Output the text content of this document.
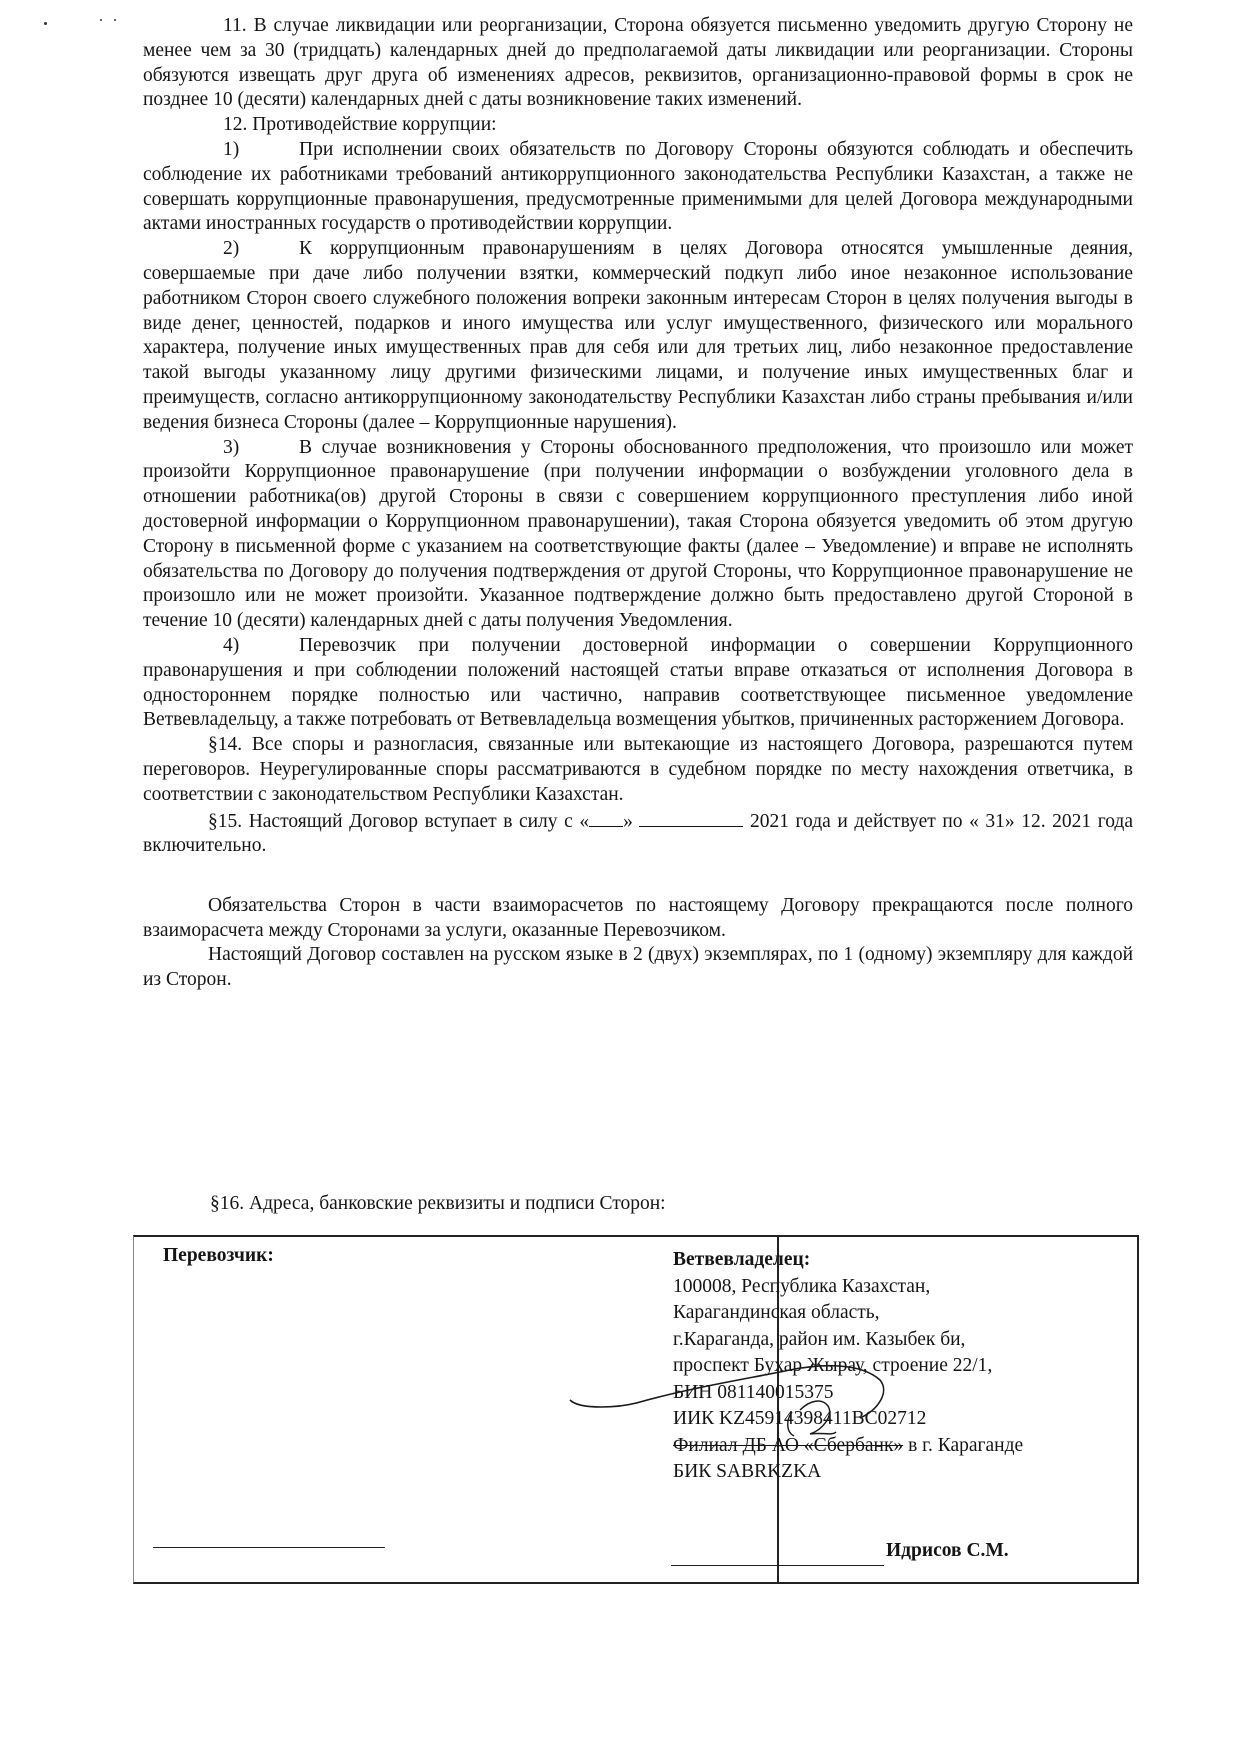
11. В случае ликвидации или реорганизации, Сторона обязуется письменно уведомить другую Сторону не менее чем за 30 (тридцать) календарных дней до предполагаемой даты ликвидации или реорганизации. Стороны обязуются извещать друг друга об изменениях адресов, реквизитов, организационно-правовой формы в срок не позднее 10 (десяти) календарных дней с даты возникновение таких изменений.

12. Противодействие коррупции:

1)	При исполнении своих обязательств по Договору Стороны обязуются соблюдать и обеспечить соблюдение их работниками требований антикоррупционного законодательства Республики Казахстан, а также не совершать коррупционные правонарушения, предусмотренные применимыми для целей Договора международными актами иностранных государств о противодействии коррупции.

2)	К коррупционным правонарушениям в целях Договора относятся умышленные деяния, совершаемые при даче либо получении взятки, коммерческий подкуп либо иное незаконное использование работником Сторон своего служебного положения вопреки законным интересам Сторон в целях получения выгоды в виде денег, ценностей, подарков и иного имущества или услуг имущественного, физического или морального характера, получение иных имущественных прав для себя или для третьих лиц, либо незаконное предоставление такой выгоды указанному лицу другими физическими лицами, и получение иных имущественных благ и преимуществ, согласно антикоррупционному законодательству Республики Казахстан либо страны пребывания и/или ведения бизнеса Стороны (далее – Коррупционные нарушения).

3)	В случае возникновения у Стороны обоснованного предположения, что произошло или может произойти Коррупционное правонарушение (при получении информации о возбуждении уголовного дела в отношении работника(ов) другой Стороны в связи с совершением коррупционного преступления либо иной достоверной информации о Коррупционном правонарушении), такая Сторона обязуется уведомить об этом другую Сторону в письменной форме с указанием на соответствующие факты (далее – Уведомление) и вправе не исполнять обязательства по Договору до получения подтверждения от другой Стороны, что Коррупционное правонарушение не произошло или не может произойти. Указанное подтверждение должно быть предоставлено другой Стороной в течение 10 (десяти) календарных дней с даты получения Уведомления.

4)	Перевозчик при получении достоверной информации о совершении Коррупционного правонарушения и при соблюдении положений настоящей статьи вправе отказаться от исполнения Договора в одностороннем порядке полностью или частично, направив соответствующее письменное уведомление Ветвевладельцу, а также потребовать от Ветвевладельца возмещения убытков, причиненных расторжением Договора.

§14. Все споры и разногласия, связанные или вытекающие из настоящего Договора, разрешаются путем переговоров. Неурегулированные споры рассматриваются в судебном порядке по месту нахождения ответчика, в соответствии с законодательством Республики Казахстан.

§15. Настоящий Договор вступает в силу с « »	2021 года и действует по « 31» 12. 2021 года включительно.

Обязательства Сторон в части взаиморасчетов по настоящему Договору прекращаются после полного взаиморасчета между Сторонами за услуги, оказанные Перевозчиком.

Настоящий Договор составлен на русском языке в 2 (двух) экземплярах, по 1 (одному) экземпляру для каждой из Сторон.

§16. Адреса, банковские реквизиты и подписи Сторон:
Перевозчик:	Ветвевладелец:
100008, Республика Казахстан,
Карагандинская область,
г.Караганда, район им. Казыбек би,
проспект Бухар Жырау, строение 22/1,
БИН 081140015375
ИИК KZ45914398411BC02712
Филиал ДБ АО «Сбербанк» в г. Караганде
БИК SABRKZKA
Идрисов С.М.
